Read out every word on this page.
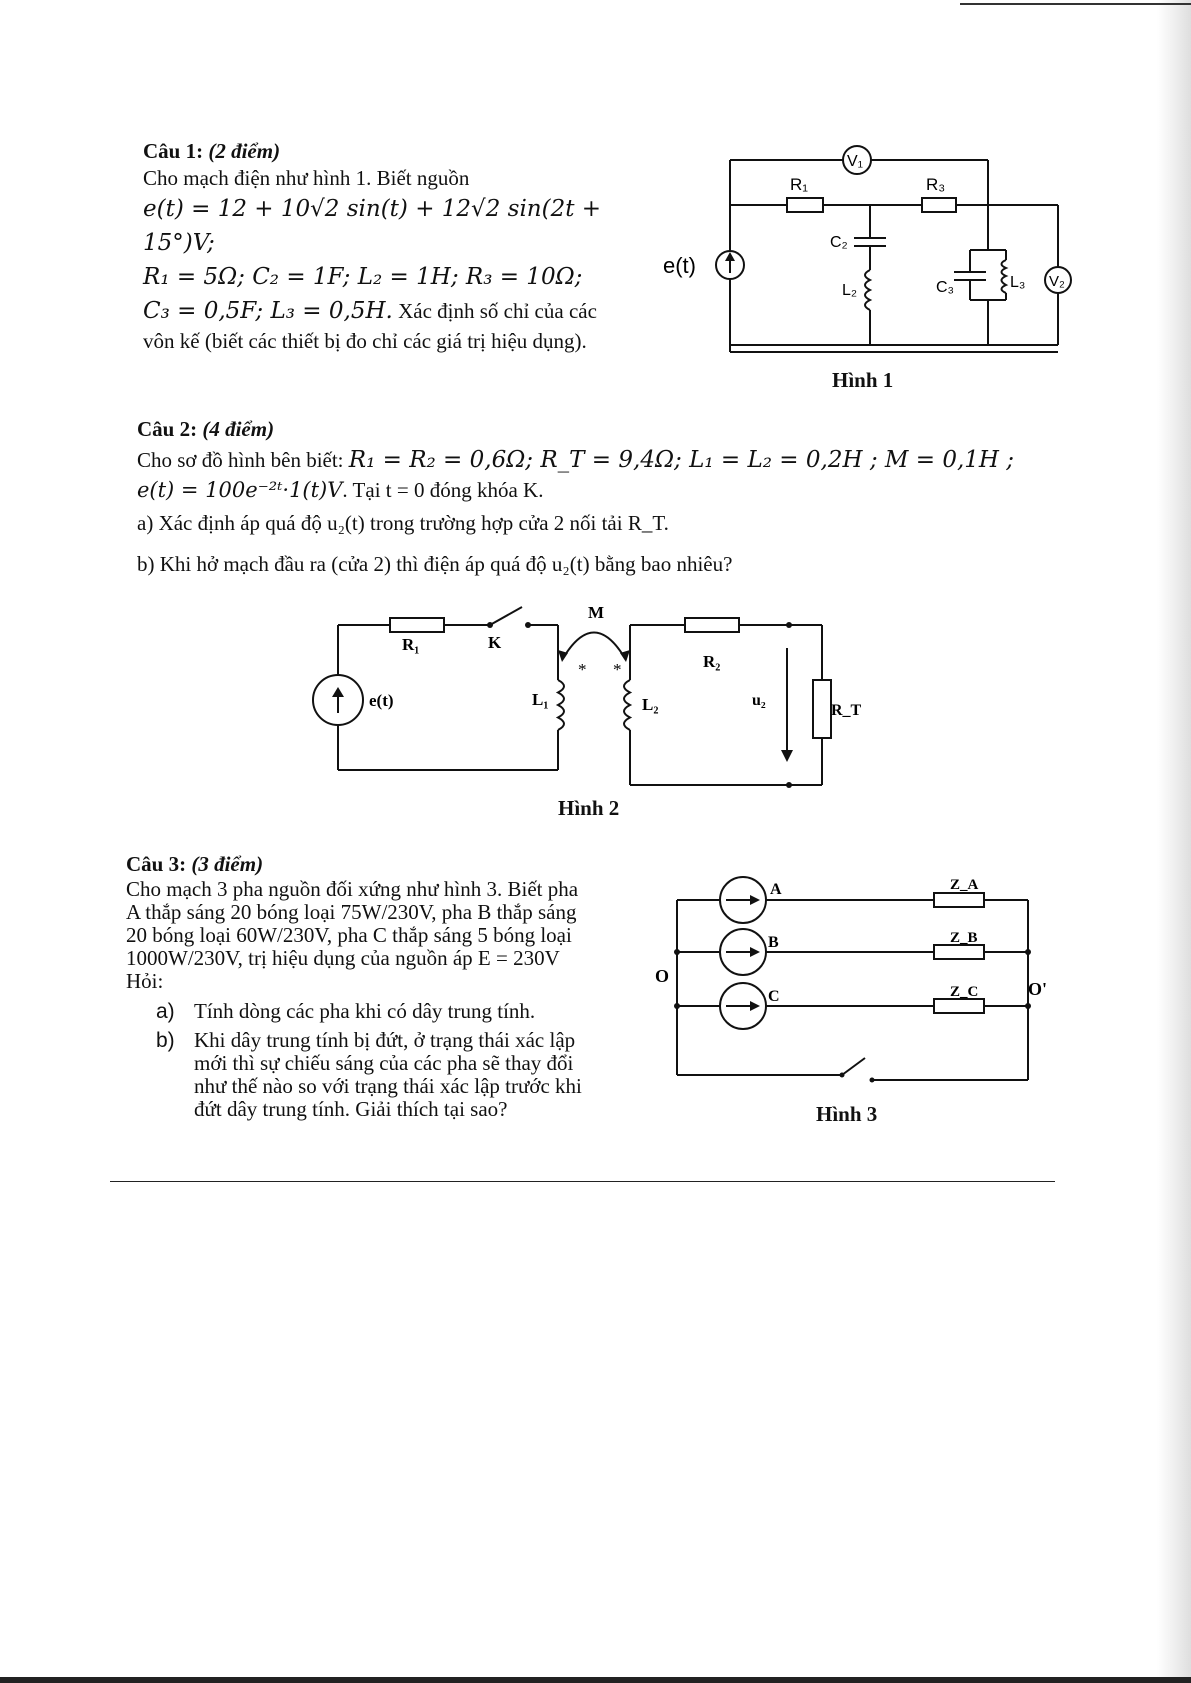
Câu 1: (2 điểm)

Cho mạch điện như hình 1. Biết nguồn

e(t) = 12 + 10√2 sin(t) + 12√2 sin(2t + 15°)V;

R₁ = 5Ω; C₂ = 1F; L₂ = 1H; R₃ = 10Ω;

C₃ = 0,5F; L₃ = 0,5H. Xác định số chỉ của các

vôn kế (biết các thiết bị đo chỉ các giá trị hiệu dụng).

e(t)
R₁	R₃
C₂
L₂	C₃	L₃
V₁
V₂
Hình 1

Câu 2: (4 điểm)

Cho sơ đồ hình bên biết: R₁ = R₂ = 0,6Ω; R_T = 9,4Ω; L₁ = L₂ = 0,2H ; M = 0,1H ;

e(t) = 100e⁻²ᵗ·1(t)V. Tại t = 0 đóng khóa K.

a) Xác định áp quá độ u₂(t) trong trường hợp cửa 2 nối tải R_T.

b) Khi hở mạch đầu ra (cửa 2) thì điện áp quá độ u₂(t) bằng bao nhiêu?

R₁	K
M
R₂
e(t)	L₁	L₂	u₂
R_T
* *
Hình 2

Câu 3: (3 điểm)

Cho mạch 3 pha nguồn đối xứng như hình 3. Biết pha

A thắp sáng 20 bóng loại 75W/230V, pha B thắp sáng

20 bóng loại 60W/230V, pha C thắp sáng 5 bóng loại

1000W/230V, trị hiệu dụng của nguồn áp E = 230V

Hỏi:

a) Tính dòng các pha khi có dây trung tính.
b) Khi dây trung tính bị đứt, ở trạng thái xác lập
mới thì sự chiếu sáng của các pha sẽ thay đổi
như thế nào so với trạng thái xác lập trước khi
đứt dây trung tính. Giải thích tại sao?
A
B
C
Z_A
Z_B
Z_C
O
O'
Hình 3
